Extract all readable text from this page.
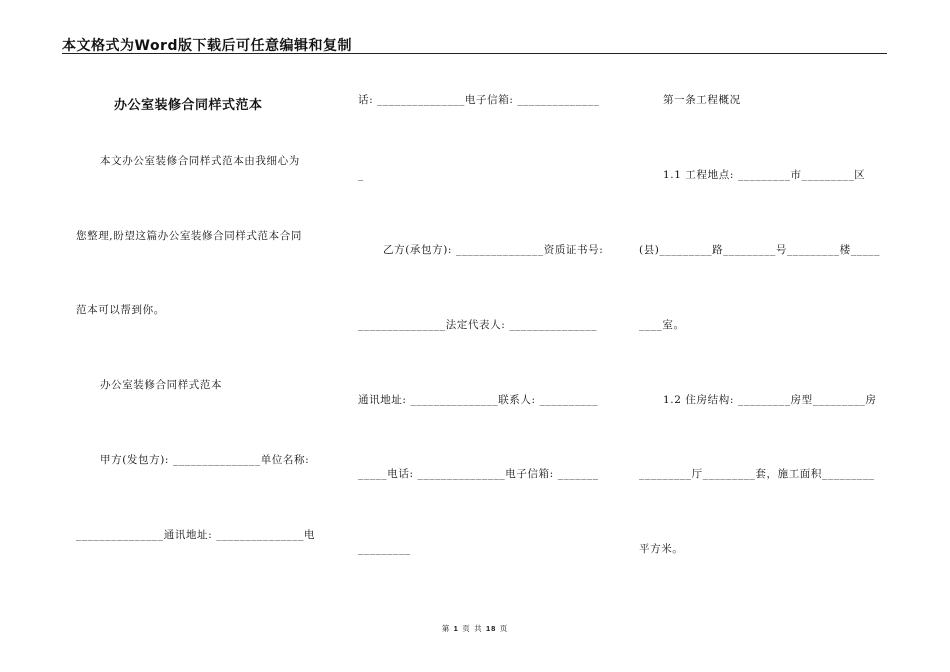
本文格式为Word版下载后可任意编辑和复制
办公室装修合同样式范本
本文办公室装修合同样式范本由我细心为
您整理,盼望这篇办公室装修合同样式范本合同
范本可以帮到你。
办公室装修合同样式范本
甲方(发包方): _______________单位名称:
_______________通讯地址: _______________电
话: _______________电子信箱: ______________
_
乙方(承包方): _______________资质证书号:
_______________法定代表人: _______________
通讯地址: _______________联系人: __________
_____电话: _______________电子信箱: _______
_________
第一条工程概况
1.1 工程地点: _________市_________区
(县)_________路_________号_________楼_____
____室。
1.2 住房结构: _________房型_________房
_________厅_________套，施工面积_________
平方米。
第 1 页 共 18 页
